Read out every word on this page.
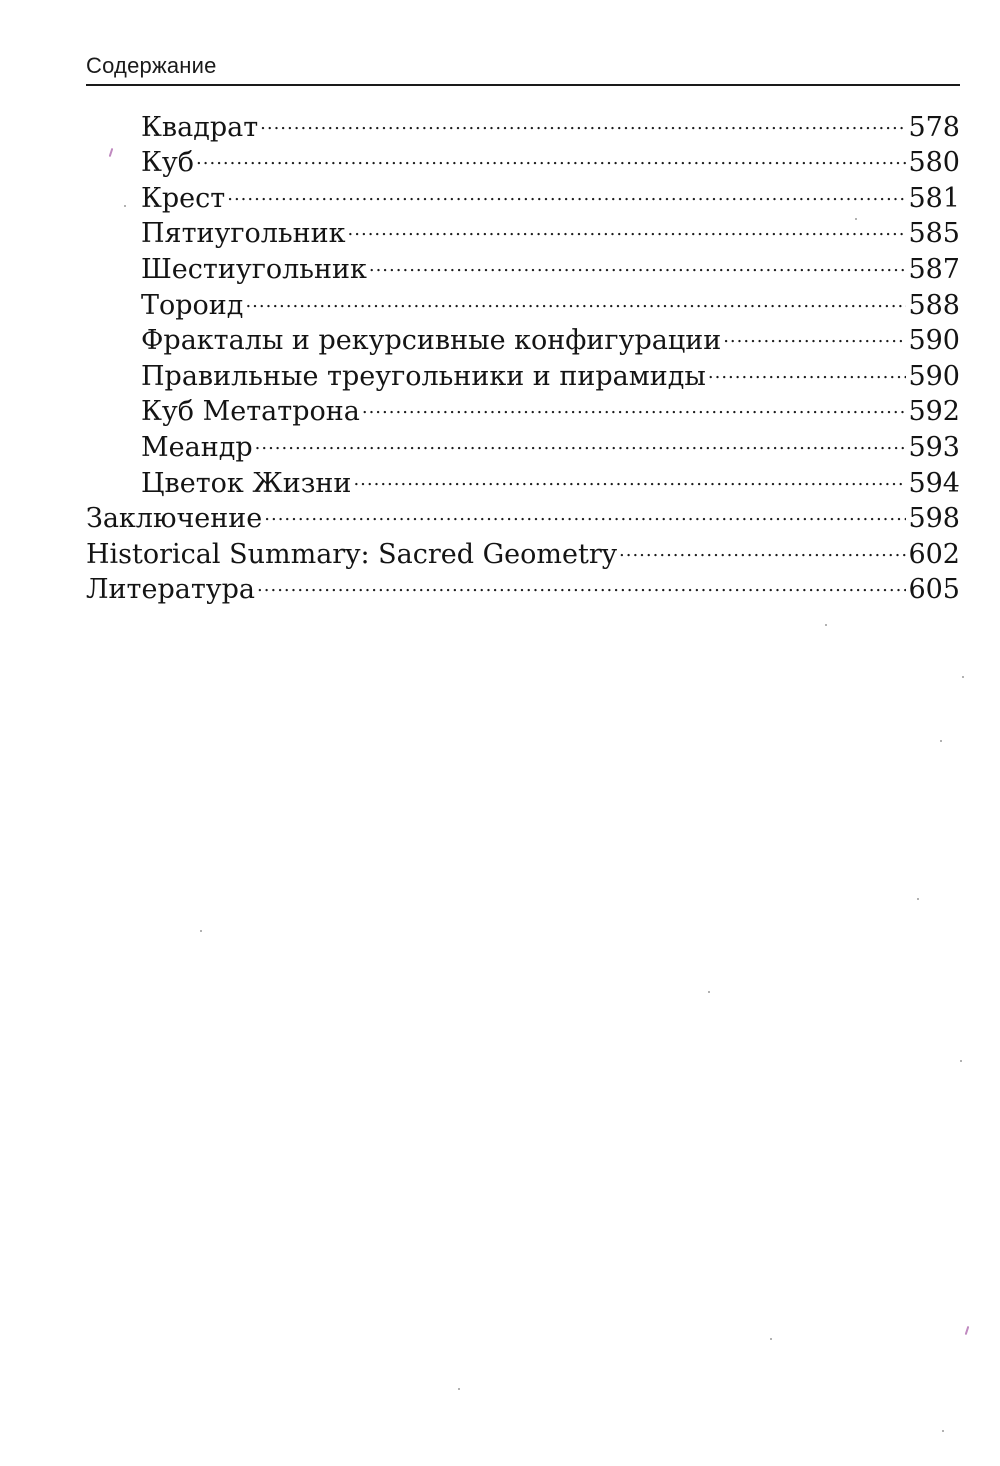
Содержание
Квадрат .....	578
Куб .....	580
Крест .....	581
Пятиугольник .....	585
Шестиугольник .....	587
Тороид .....	588
Фракталы и рекурсивные конфигурации .....	590
Правильные треугольники и пирамиды .....	590
Куб Метатрона .....	592
Меандр .....	593
Цветок Жизни .....	594
Заключение .....	598
Historical Summary: Sacred Geometry .....	602
Литература .....	605
